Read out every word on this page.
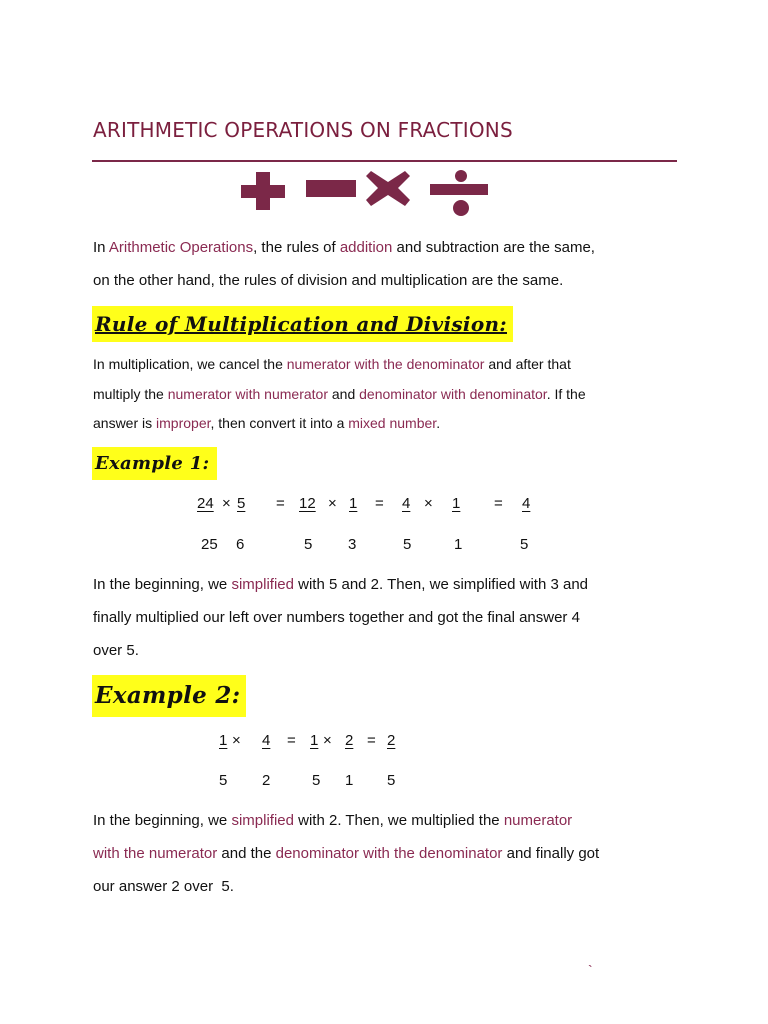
ARITHMETIC OPERATIONS ON FRACTIONS
In Arithmetic Operations, the rules of addition and subtraction are the same,
on the other hand, the rules of division and multiplication are the same.
Rule of Multiplication and Division:
In multiplication, we cancel the numerator with the denominator and after that
multiply the numerator with numerator and denominator with denominator. If the
answer is improper, then convert it into a mixed number.
Example 1:
24 × 5 = 12 × 1 = 4 × 1 = 4
25 6	5 3	5	1	5
In the beginning, we simplified with 5 and 2. Then, we simplified with 3 and
finally multiplied our left over numbers together and got the final answer 4
over 5.
Example 2:
1 × 4 = 1 × 2 = 2
5 2	5 1 5
In the beginning, we simplified with 2. Then, we multiplied the numerator
with the numerator and the denominator with the denominator and finally got
our answer 2 over  5.
`
